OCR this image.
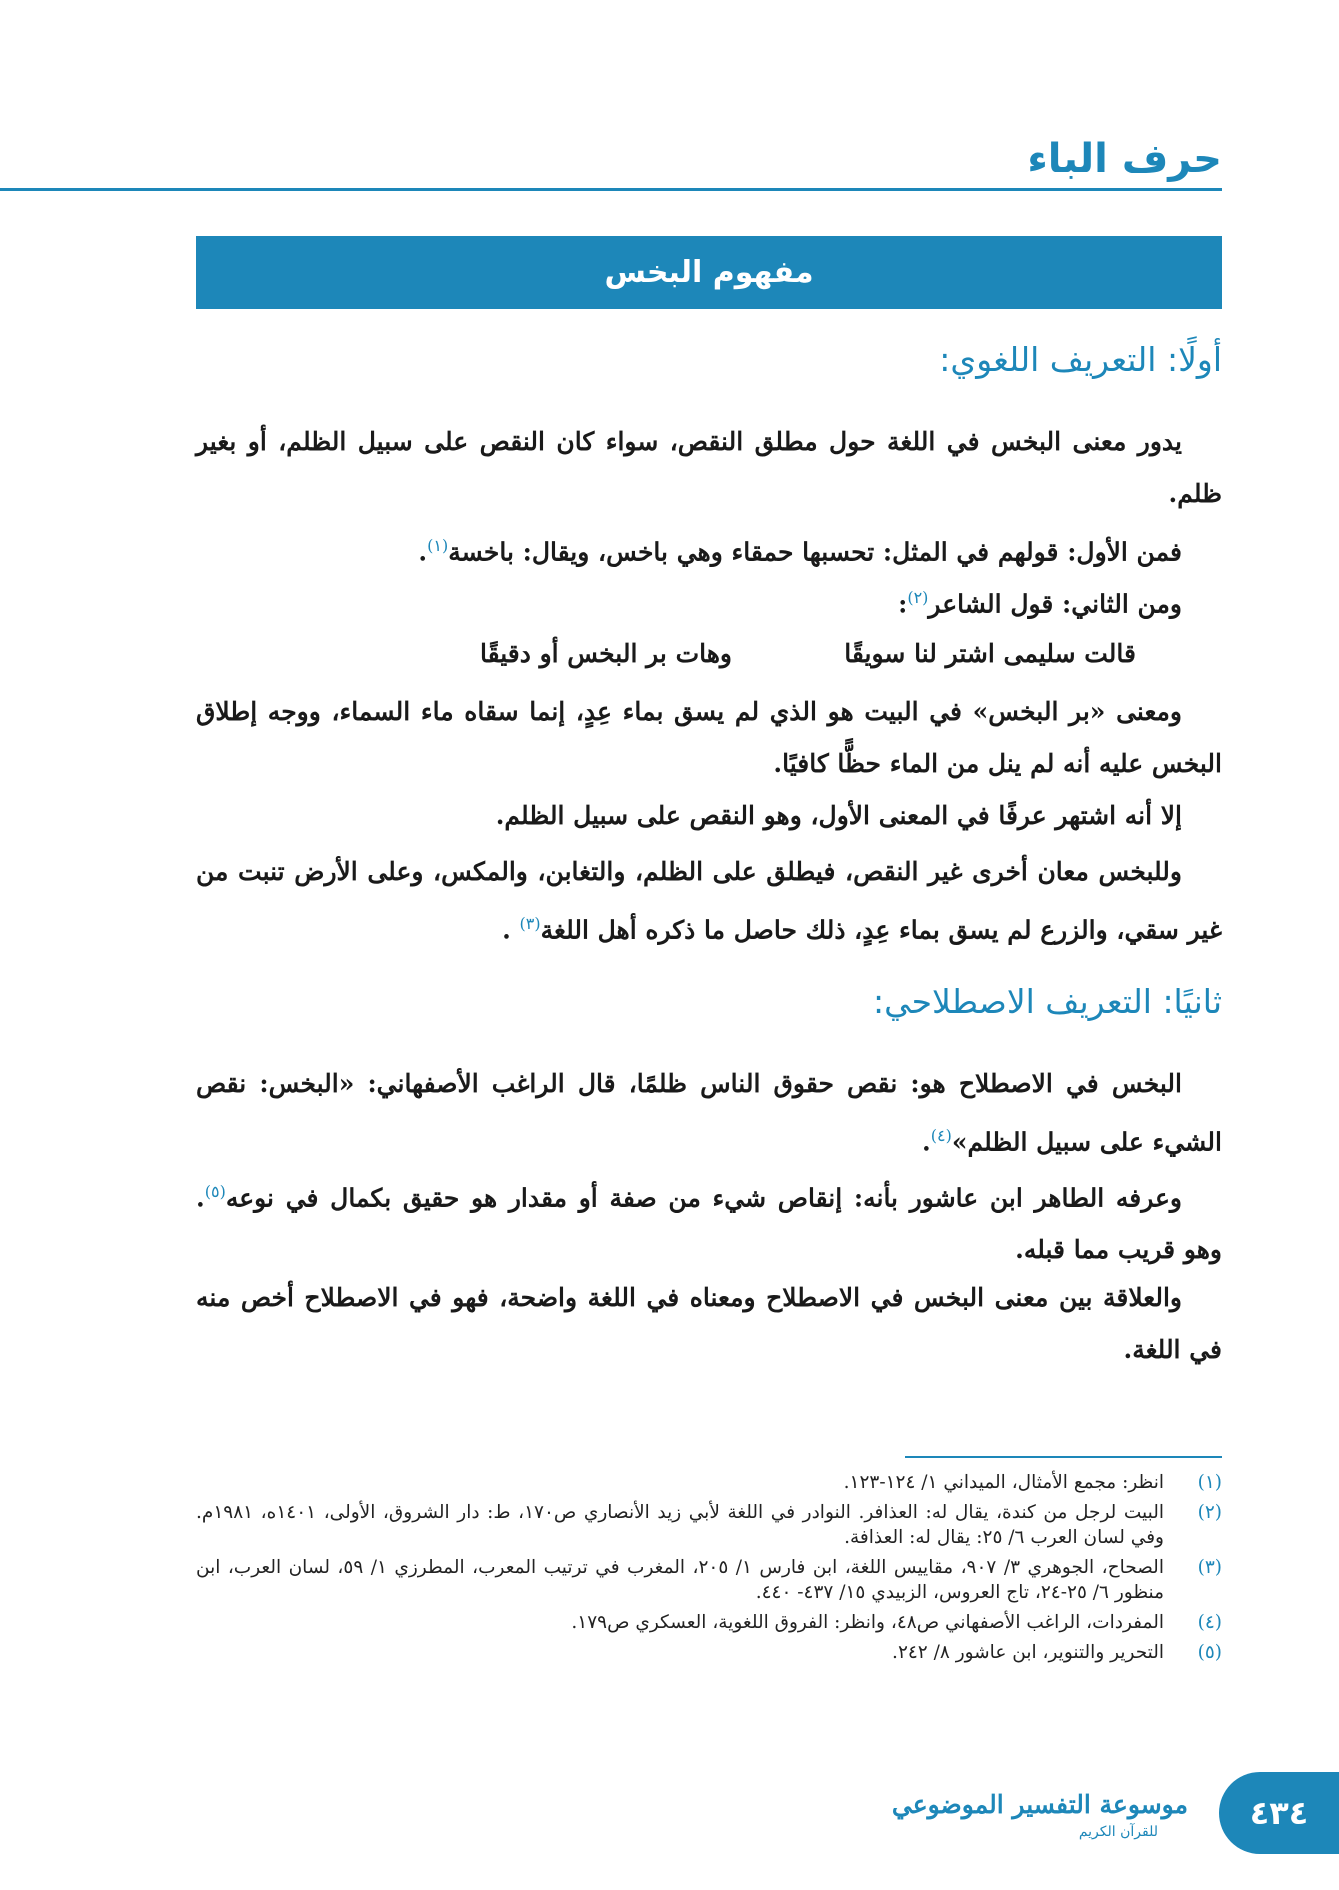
حرف الباء
مفهوم البخس
أولًا: التعريف اللغوي:

يدور معنى البخس في اللغة حول مطلق النقص، سواء كان النقص على سبيل الظلم، أو بغير ظلم.

فمن الأول: قولهم في المثل: تحسبها حمقاء وهي باخس، ويقال: باخسة$^{(١)}$.

ومن الثاني: قول الشاعر$^{(٢)}$:

قالت سليمى اشتر لنا سويقًا
وهات بر البخس أو دقيقًا

ومعنى «بر البخس» في البيت هو الذي لم يسق بماء عِدٍ، إنما سقاه ماء السماء، ووجه إطلاق البخس عليه أنه لم ينل من الماء حظًّا كافيًا.

إلا أنه اشتهر عرفًا في المعنى الأول، وهو النقص على سبيل الظلم.

وللبخس معان أخرى غير النقص، فيطلق على الظلم، والتغابن، والمكس، وعلى الأرض تنبت من غير سقي، والزرع لم يسق بماء عِدٍ، ذلك حاصل ما ذكره أهل اللغة$^{(٣)}$ .

ثانيًا: التعريف الاصطلاحي:

البخس في الاصطلاح هو: نقص حقوق الناس ظلمًا، قال الراغب الأصفهاني: «البخس: نقص الشيء على سبيل الظلم»$^{(٤)}$.

وعرفه الطاهر ابن عاشور بأنه: إنقاص شيء من صفة أو مقدار هو حقيق بكمال في نوعه$^{(٥)}$. وهو قريب مما قبله.

والعلاقة بين معنى البخس في الاصطلاح ومعناه في اللغة واضحة، فهو في الاصطلاح أخص منه في اللغة.

(١)
انظر: مجمع الأمثال، الميداني ١/ ١٢٤-١٢٣.
(٢)
البيت لرجل من كندة، يقال له: العذافر. النوادر في اللغة لأبي زيد الأنصاري ص١٧٠، ط: دار الشروق، الأولى، ١٤٠١ه، ١٩٨١م. وفي لسان العرب ٦/ ٢٥: يقال له: العذافة.
(٣)
الصحاح، الجوهري ٣/ ٩٠٧، مقاييس اللغة، ابن فارس ١/ ٢٠٥، المغرب في ترتيب المعرب، المطرزي ١/ ٥٩، لسان العرب، ابن منظور ٦/ ٢٥-٢٤، تاج العروس، الزبيدي ١٥/ ٤٣٧- ٤٤٠.
(٤)
المفردات، الراغب الأصفهاني ص٤٨، وانظر: الفروق اللغوية، العسكري ص١٧٩.
(٥)
التحرير والتنوير، ابن عاشور ٨/ ٢٤٢.
موسوعة التفسير الموضوعي
للقرآن الكريم	٤٣٤
